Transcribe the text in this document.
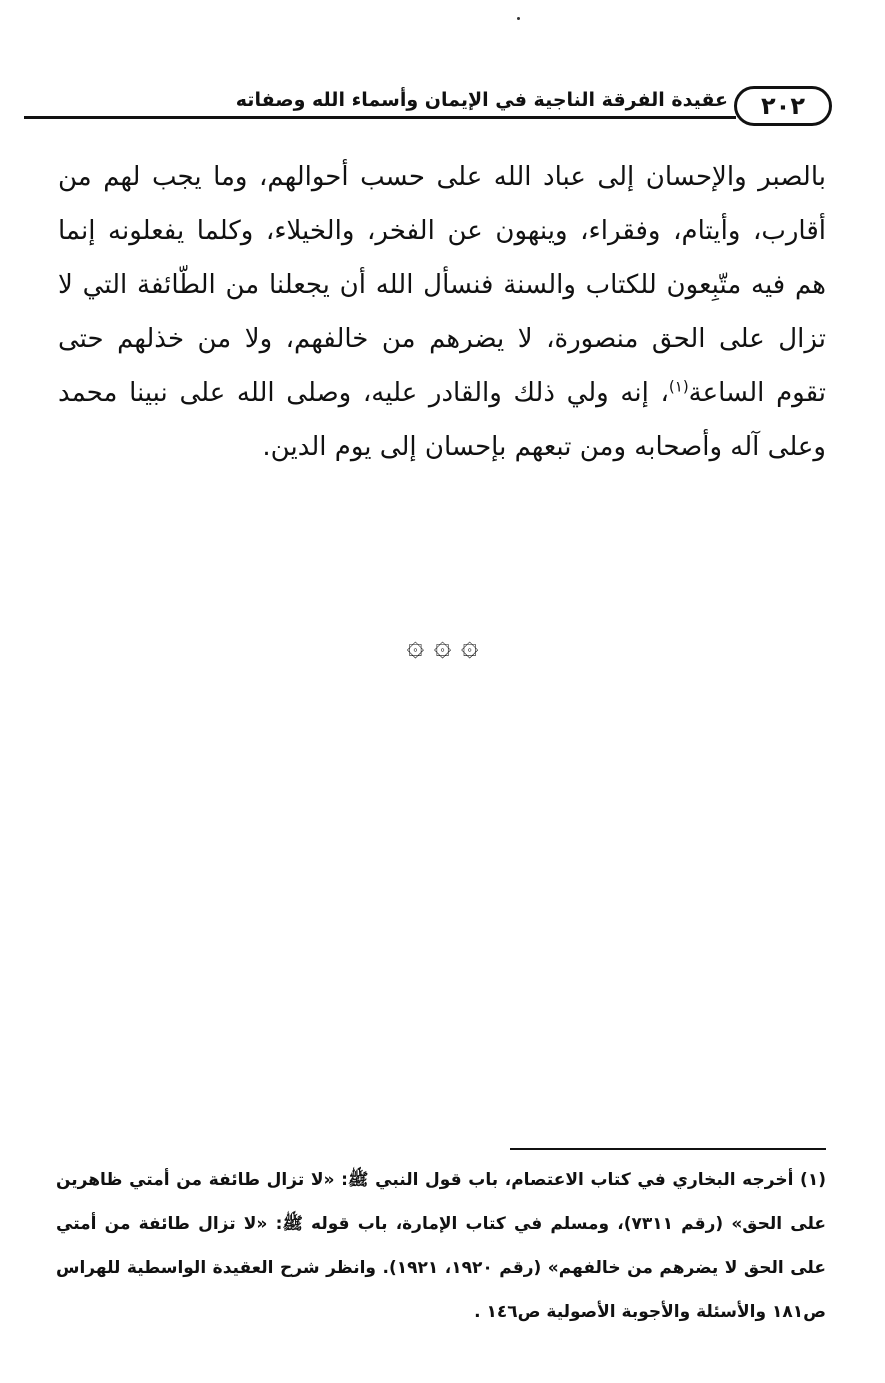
٢٠٢
عقيدة الفرقة الناجية في الإيمان وأسماء الله وصفاته
بالصبر والإحسان إلى عباد الله على حسب أحوالهم، وما يجب لهم من أقارب، وأيتام، وفقراء، وينهون عن الفخر، والخيلاء، وكلما يفعلونه إنما هم فيه متّبِعون للكتاب والسنة فنسأل الله أن يجعلنا من الطّائفة التي لا تزال على الحق منصورة، لا يضرهم من خالفهم، ولا من خذلهم حتى تقوم الساعة$^{(١)}$، إنه ولي ذلك والقادر عليه، وصلى الله على نبينا محمد وعلى آله وأصحابه ومن تبعهم بإحسان إلى يوم الدين.
۞ ۞ ۞
(١) أخرجه البخاري في كتاب الاعتصام، باب قول النبي ﷺ: «لا تزال طائفة من أمتي ظاهرين على الحق» (رقم ٧٣١١)، ومسلم في كتاب الإمارة، باب قوله ﷺ: «لا تزال طائفة من أمتي على الحق لا يضرهم من خالفهم» (رقم ١٩٢٠، ١٩٢١). وانظر شرح العقيدة الواسطية للهراس ص١٨١ والأسئلة والأجوبة الأصولية ص١٤٦ .
